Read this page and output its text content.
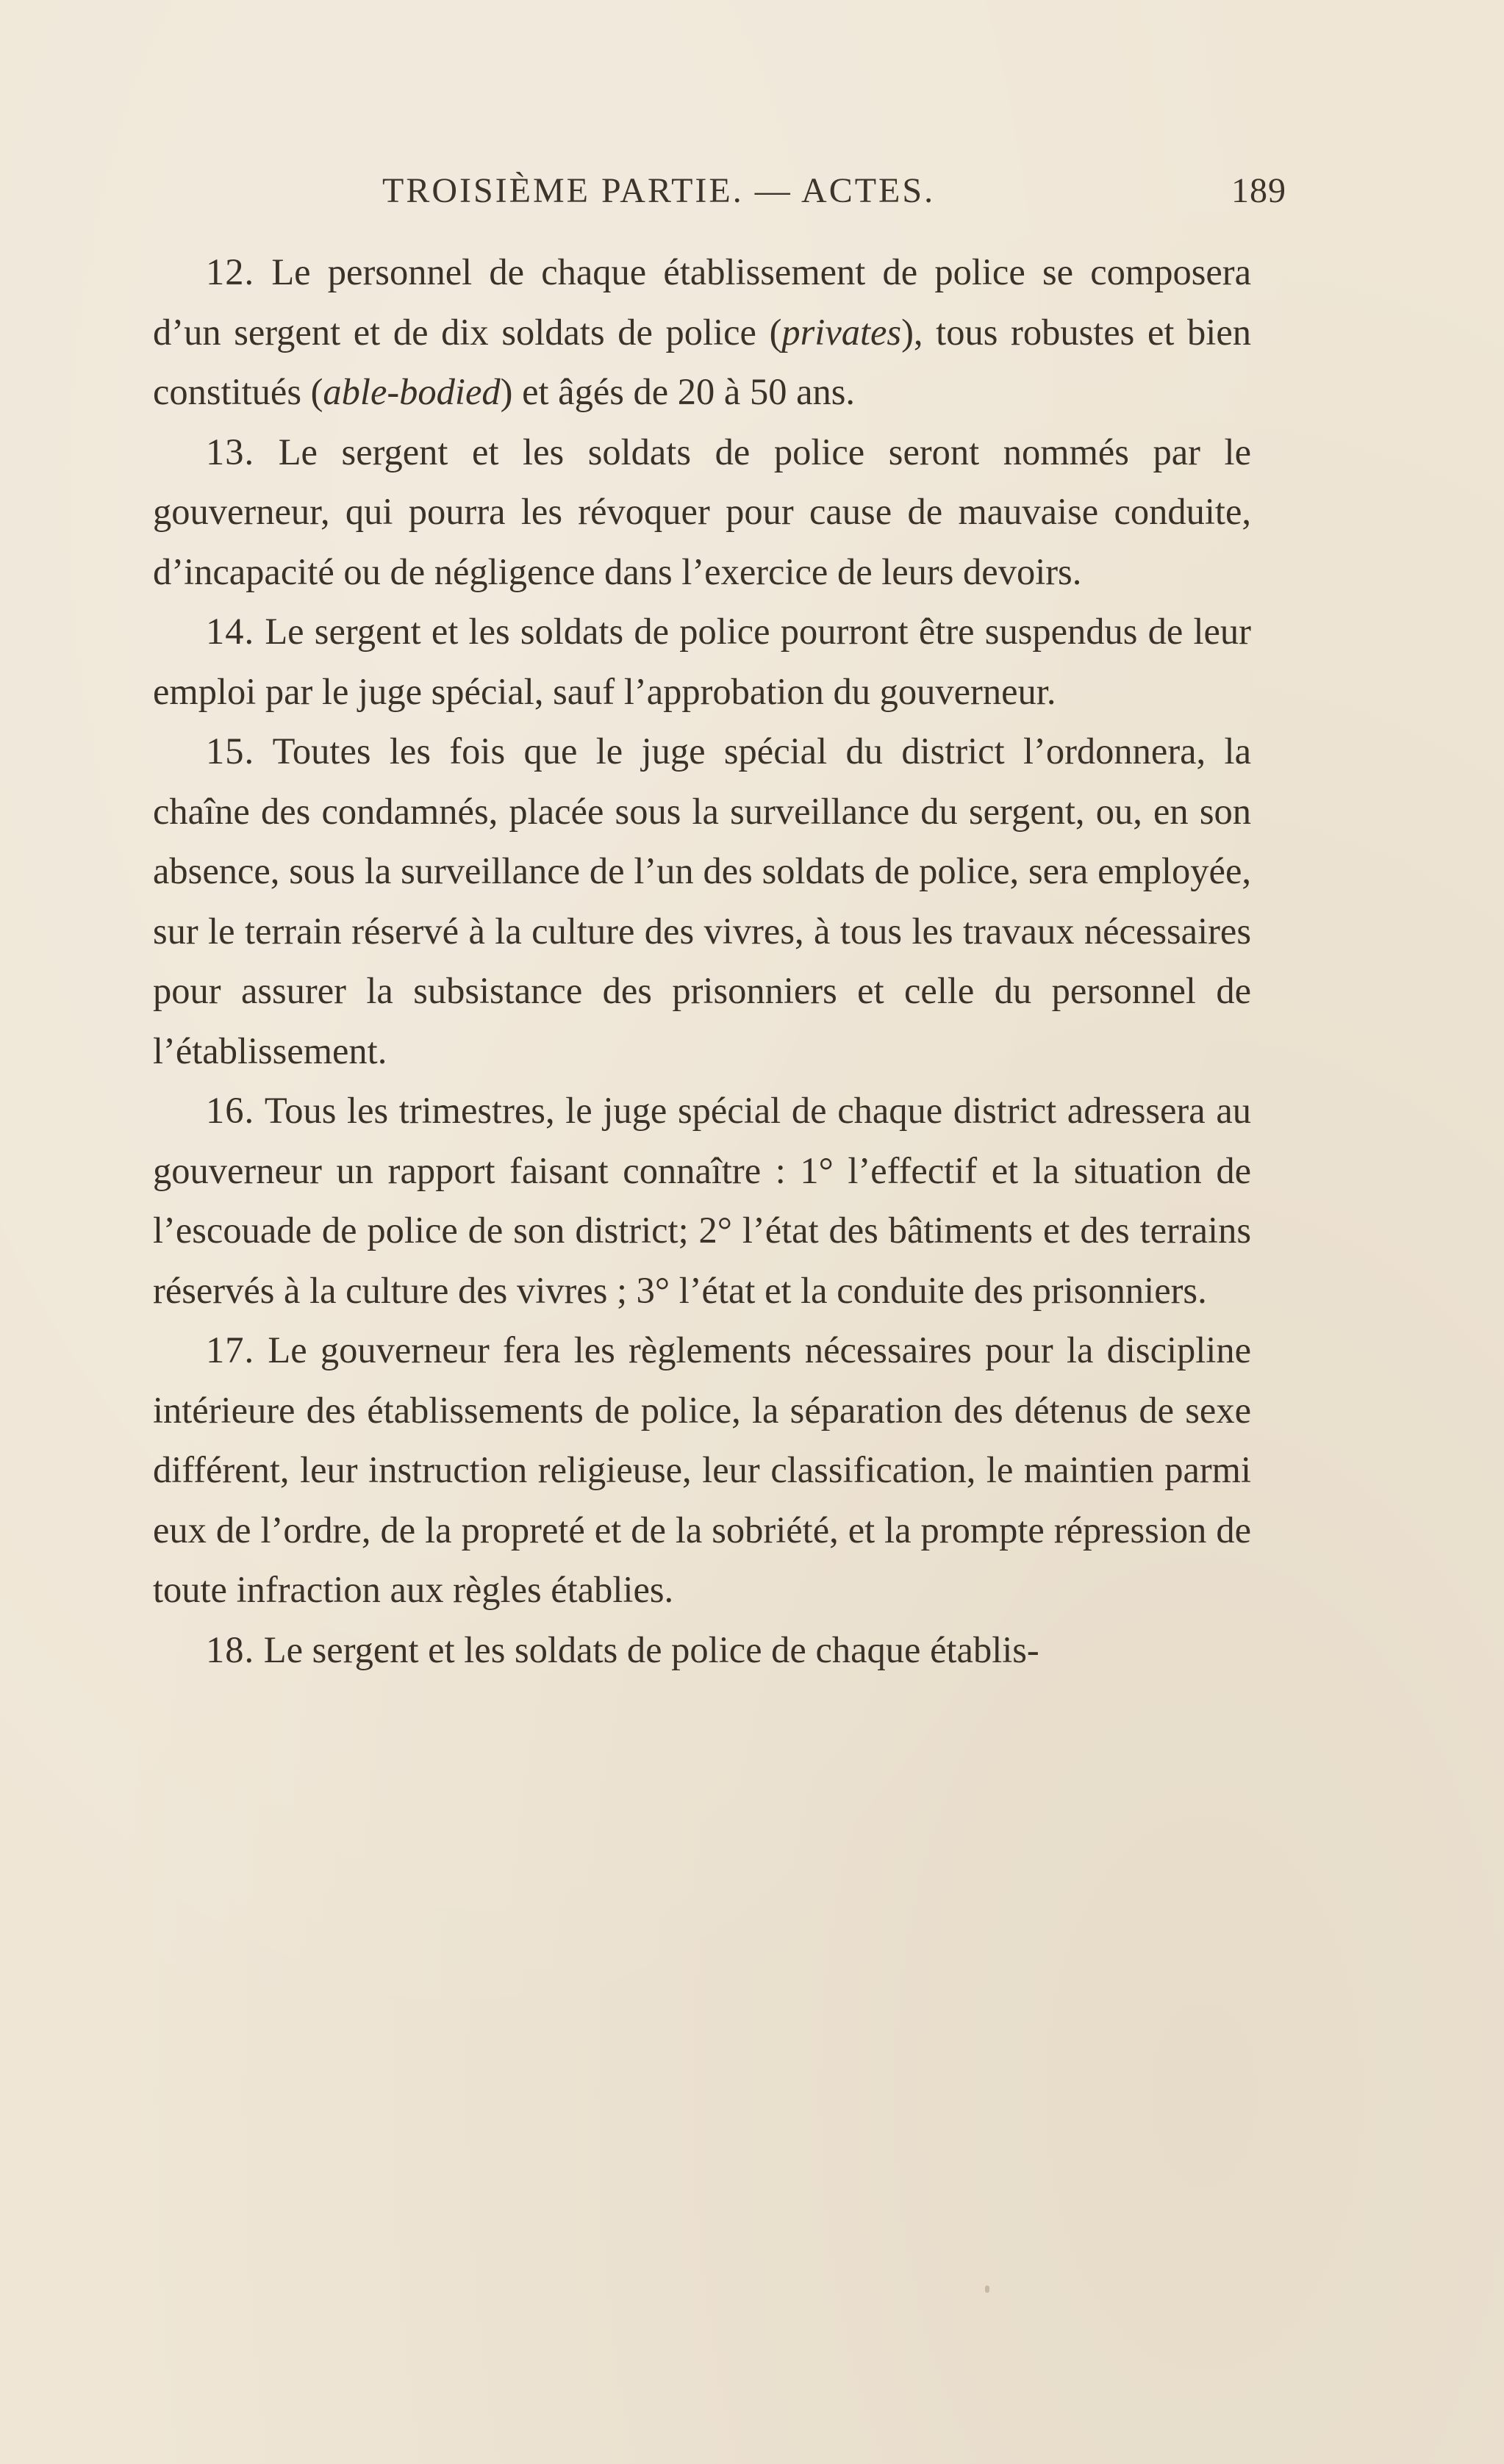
TROISIÈME PARTIE. — ACTES.	189

12. Le personnel de chaque établissement de police se composera d’un sergent et de dix soldats de police (privates), tous robustes et bien constitués (able-bodied) et âgés de 20 à 50 ans.

13. Le sergent et les soldats de police seront nommés par le gouverneur, qui pourra les révoquer pour cause de mauvaise conduite, d’incapacité ou de négligence dans l’exercice de leurs devoirs.

14. Le sergent et les soldats de police pourront être suspendus de leur emploi par le juge spécial, sauf l’approbation du gouverneur.

15. Toutes les fois que le juge spécial du district l’ordonnera, la chaîne des condamnés, placée sous la surveillance du sergent, ou, en son absence, sous la surveillance de l’un des soldats de police, sera employée, sur le terrain réservé à la culture des vivres, à tous les travaux nécessaires pour assurer la subsistance des prisonniers et celle du personnel de l’établissement.

16. Tous les trimestres, le juge spécial de chaque district adressera au gouverneur un rapport faisant connaître : 1° l’effectif et la situation de l’escouade de police de son district; 2° l’état des bâtiments et des terrains réservés à la culture des vivres ; 3° l’état et la conduite des prisonniers.

17. Le gouverneur fera les règlements nécessaires pour la discipline intérieure des établissements de police, la séparation des détenus de sexe différent, leur instruction religieuse, leur classification, le maintien parmi eux de l’ordre, de la propreté et de la sobriété, et la prompte répression de toute infraction aux règles établies.

18. Le sergent et les soldats de police de chaque établis-
